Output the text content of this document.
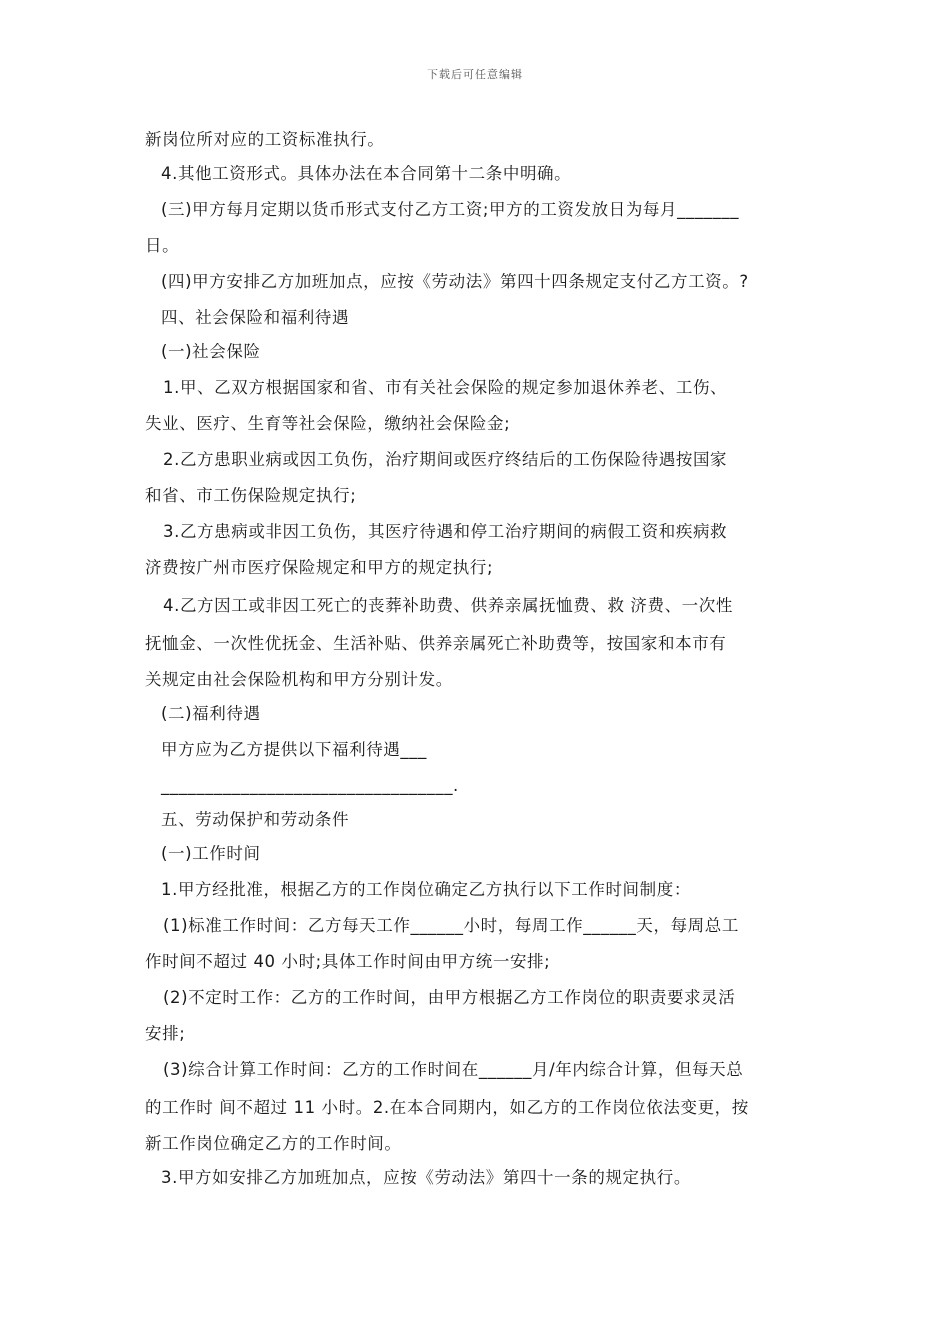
下载后可任意编辑
新岗位所对应的工资标准执行。
4.其他工资形式。具体办法在本合同第十二条中明确。
(三)甲方每月定期以货币形式支付乙方工资;甲方的工资发放日为每月_______
日。
(四)甲方安排乙方加班加点，应按《劳动法》第四十四条规定支付乙方工资。?
四、社会保险和福利待遇
(一)社会保险
1.甲、乙双方根据国家和省、市有关社会保险的规定参加退休养老、工伤、
失业、医疗、生育等社会保险，缴纳社会保险金;
2.乙方患职业病或因工负伤，治疗期间或医疗终结后的工伤保险待遇按国家
和省、市工伤保险规定执行;
3.乙方患病或非因工负伤，其医疗待遇和停工治疗期间的病假工资和疾病救
济费按广州市医疗保险规定和甲方的规定执行;
4.乙方因工或非因工死亡的丧葬补助费、供养亲属抚恤费、救 济费、一次性
抚恤金、一次性优抚金、生活补贴、供养亲属死亡补助费等，按国家和本市有
关规定由社会保险机构和甲方分别计发。
(二)福利待遇
甲方应为乙方提供以下福利待遇___
_________________________________.
五、劳动保护和劳动条件
(一)工作时间
1.甲方经批准，根据乙方的工作岗位确定乙方执行以下工作时间制度：
(1)标准工作时间：乙方每天工作______小时，每周工作______天，每周总工
作时间不超过 40 小时;具体工作时间由甲方统一安排;
(2)不定时工作：乙方的工作时间，由甲方根据乙方工作岗位的职责要求灵活
安排;
(3)综合计算工作时间：乙方的工作时间在______月/年内综合计算，但每天总
的工作时 间不超过 11 小时。2.在本合同期内，如乙方的工作岗位依法变更，按
新工作岗位确定乙方的工作时间。
3.甲方如安排乙方加班加点，应按《劳动法》第四十一条的规定执行。
